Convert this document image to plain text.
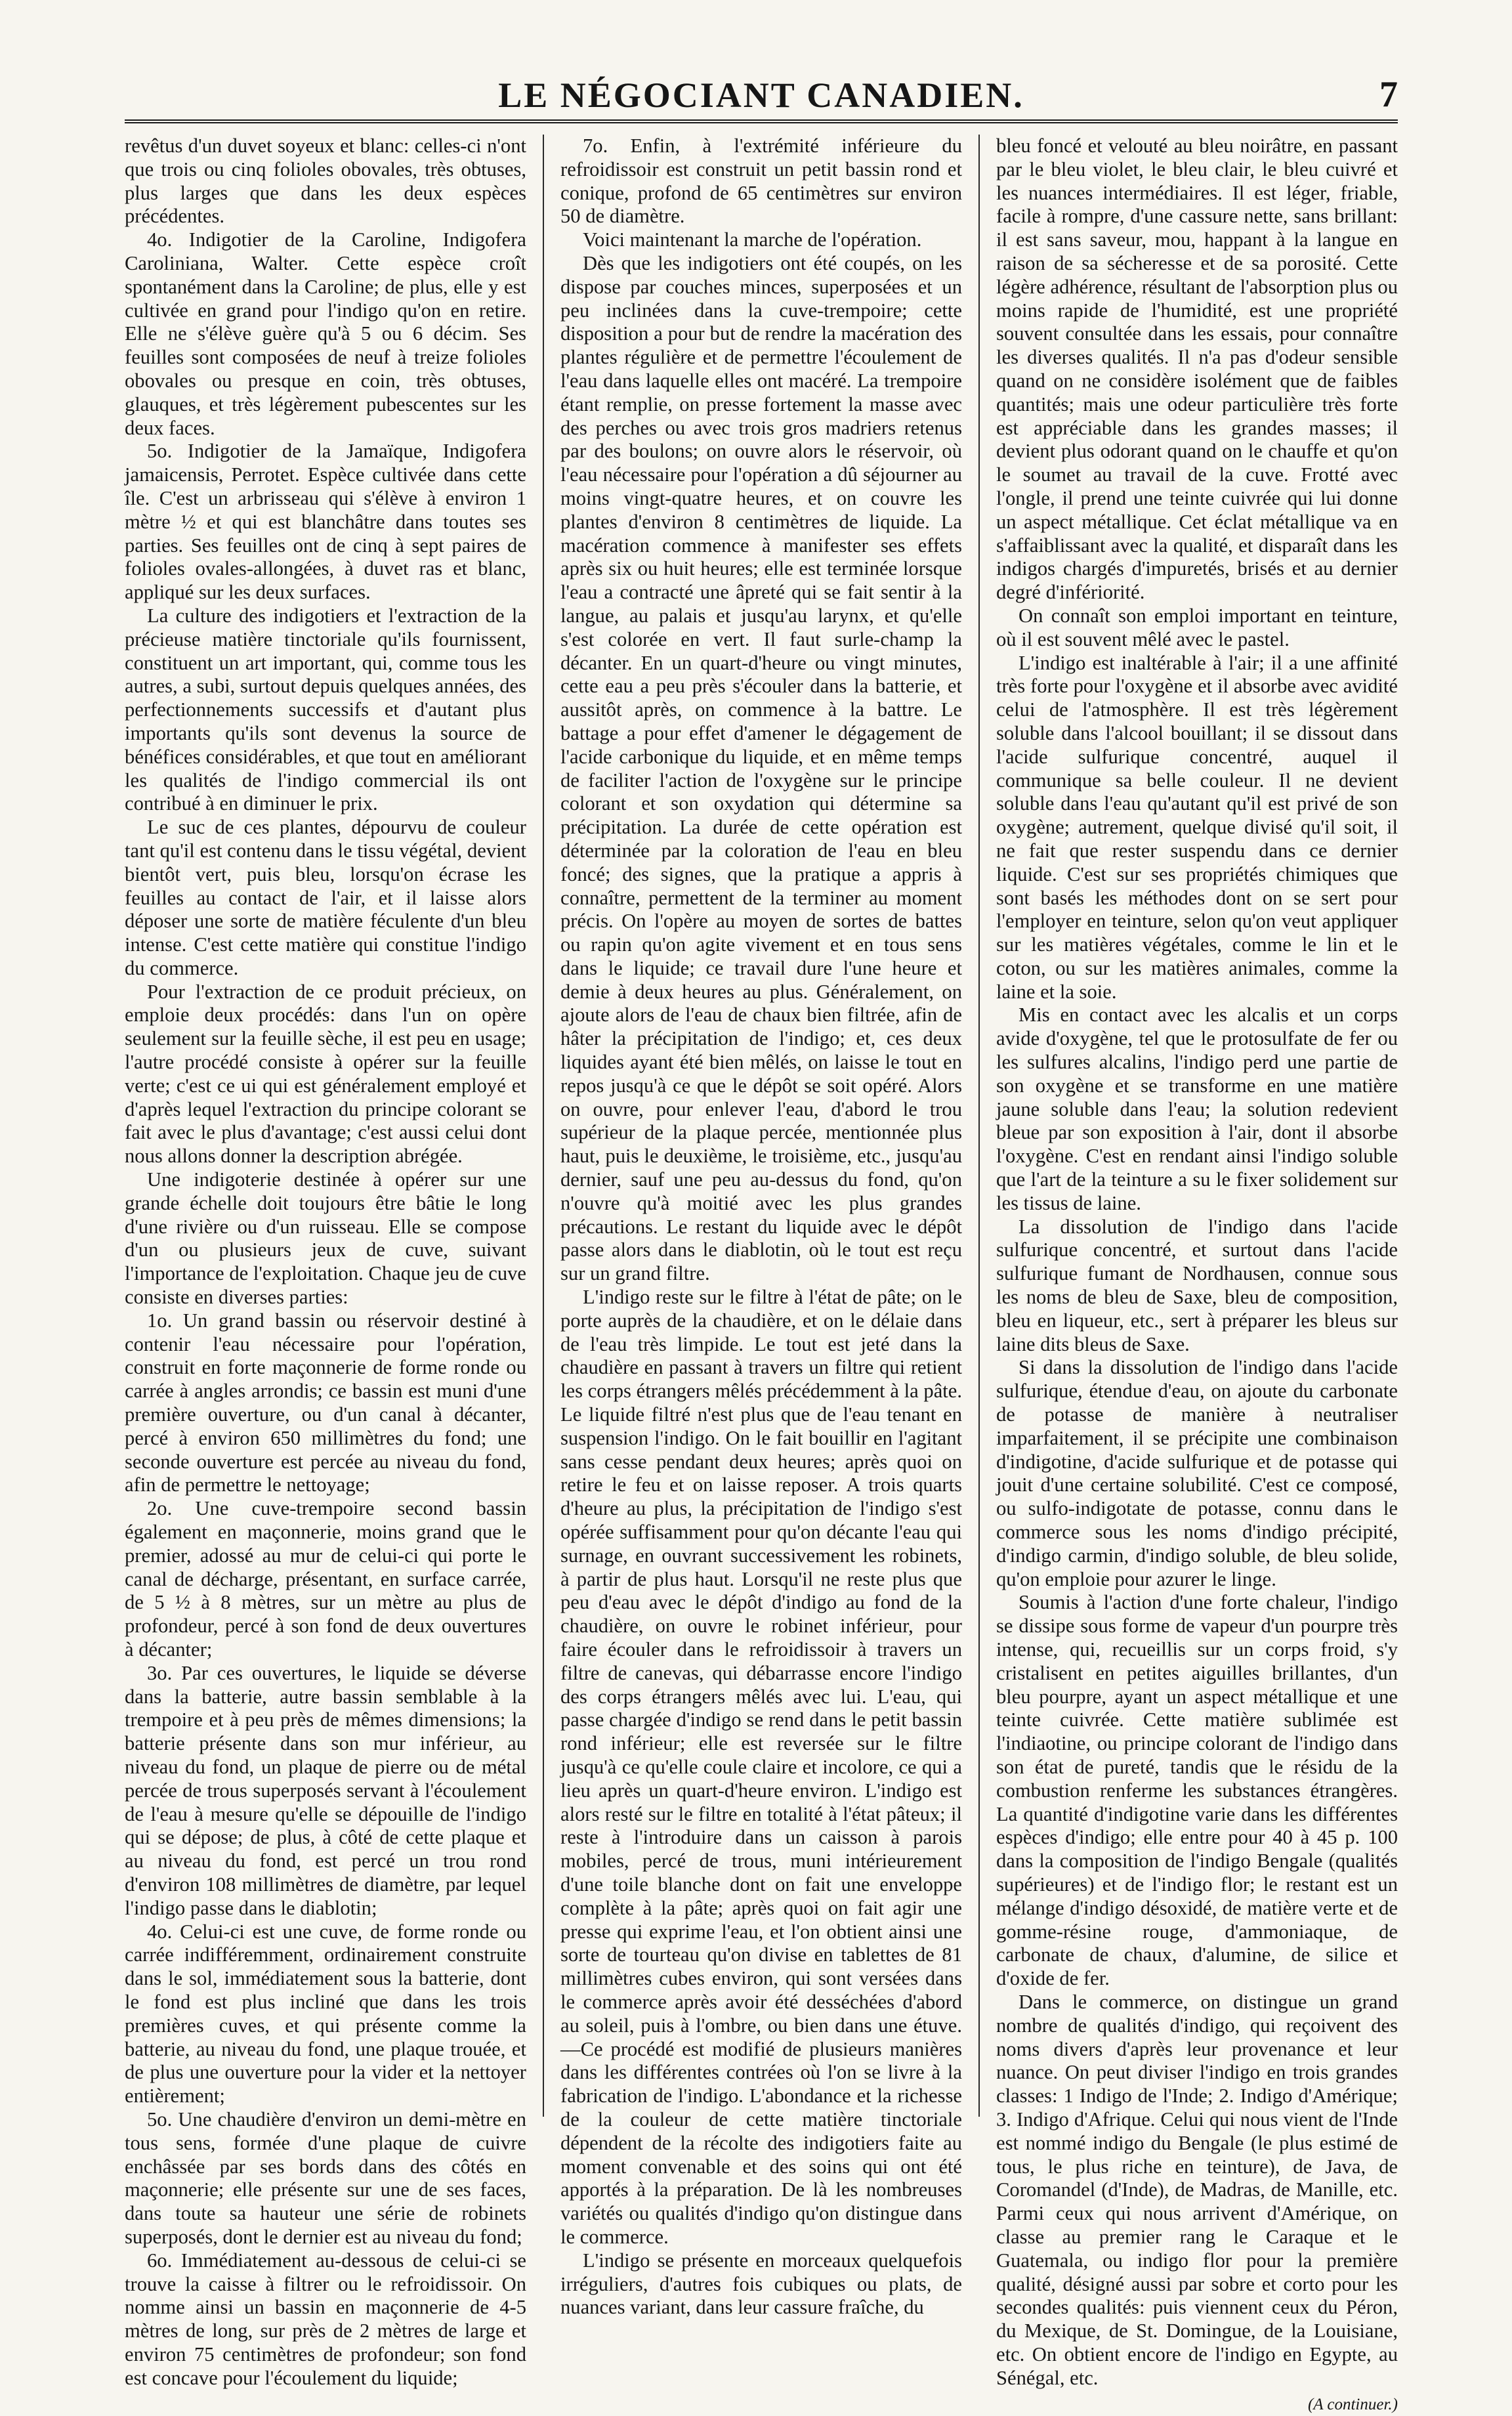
LE NÉGOCIANT CANADIEN.	7

revêtus d'un duvet soyeux et blanc: celles-ci n'ont que trois ou cinq folioles obovales, très obtuses, plus larges que dans les deux espèces précédentes.

4o. Indigotier de la Caroline, Indigofera Caroliniana, Walter. Cette espèce croît spontanément dans la Caroline; de plus, elle y est cultivée en grand pour l'indigo qu'on en retire. Elle ne s'élève guère qu'à 5 ou 6 décim. Ses feuilles sont composées de neuf à treize folioles obovales ou presque en coin, très obtuses, glauques, et très légèrement pubescentes sur les deux faces.

5o. Indigotier de la Jamaïque, Indigofera jamaicensis, Perrotet. Espèce cultivée dans cette île. C'est un arbrisseau qui s'élève à environ 1 mètre ½ et qui est blanchâtre dans toutes ses parties. Ses feuilles ont de cinq à sept paires de folioles ovales-allongées, à duvet ras et blanc, appliqué sur les deux surfaces.

La culture des indigotiers et l'extraction de la précieuse matière tinctoriale qu'ils fournissent, constituent un art important, qui, comme tous les autres, a subi, surtout depuis quelques années, des perfectionnements successifs et d'autant plus importants qu'ils sont devenus la source de bénéfices considérables, et que tout en améliorant les qualités de l'indigo commercial ils ont contribué à en diminuer le prix.

Le suc de ces plantes, dépourvu de couleur tant qu'il est contenu dans le tissu végétal, devient bientôt vert, puis bleu, lorsqu'on écrase les feuilles au contact de l'air, et il laisse alors déposer une sorte de matière féculente d'un bleu intense. C'est cette matière qui constitue l'indigo du commerce.

Pour l'extraction de ce produit précieux, on emploie deux procédés: dans l'un on opère seulement sur la feuille sèche, il est peu en usage; l'autre procédé consiste à opérer sur la feuille verte; c'est ce ui qui est généralement employé et d'après lequel l'extraction du principe colorant se fait avec le plus d'avantage; c'est aussi celui dont nous allons donner la description abrégée.

Une indigoterie destinée à opérer sur une grande échelle doit toujours être bâtie le long d'une rivière ou d'un ruisseau. Elle se compose d'un ou plusieurs jeux de cuve, suivant l'importance de l'exploitation. Chaque jeu de cuve consiste en diverses parties:

1o. Un grand bassin ou réservoir destiné à contenir l'eau nécessaire pour l'opération, construit en forte maçonnerie de forme ronde ou carrée à angles arrondis; ce bassin est muni d'une première ouverture, ou d'un canal à décanter, percé à environ 650 millimètres du fond; une seconde ouverture est percée au niveau du fond, afin de permettre le nettoyage;

2o. Une cuve-trempoire second bassin également en maçonnerie, moins grand que le premier, adossé au mur de celui-ci qui porte le canal de décharge, présentant, en surface carrée, de 5 ½ à 8 mètres, sur un mètre au plus de profondeur, percé à son fond de deux ouvertures à décanter;

3o. Par ces ouvertures, le liquide se déverse dans la batterie, autre bassin semblable à la trempoire et à peu près de mêmes dimensions; la batterie présente dans son mur inférieur, au niveau du fond, un plaque de pierre ou de métal percée de trous superposés servant à l'écoulement de l'eau à mesure qu'elle se dépouille de l'indigo qui se dépose; de plus, à côté de cette plaque et au niveau du fond, est percé un trou rond d'environ 108 millimètres de diamètre, par lequel l'indigo passe dans le diablotin;

4o. Celui-ci est une cuve, de forme ronde ou carrée indifféremment, ordinairement construite dans le sol, immédiatement sous la batterie, dont le fond est plus incliné que dans les trois premières cuves, et qui présente comme la batterie, au niveau du fond, une plaque trouée, et de plus une ouverture pour la vider et la nettoyer entièrement;

5o. Une chaudière d'environ un demi-mètre en tous sens, formée d'une plaque de cuivre enchâssée par ses bords dans des côtés en maçonnerie; elle présente sur une de ses faces, dans toute sa hauteur une série de robinets superposés, dont le dernier est au niveau du fond;

6o. Immédiatement au-dessous de celui-ci se trouve la caisse à filtrer ou le refroidissoir. On nomme ainsi un bassin en maçonnerie de 4-5 mètres de long, sur près de 2 mètres de large et environ 75 centimètres de profondeur; son fond est concave pour l'écoulement du liquide;

7o. Enfin, à l'extrémité inférieure du refroidissoir est construit un petit bassin rond et conique, profond de 65 centimètres sur environ 50 de diamètre.

Voici maintenant la marche de l'opération.

Dès que les indigotiers ont été coupés, on les dispose par couches minces, superposées et un peu inclinées dans la cuve-trempoire; cette disposition a pour but de rendre la macération des plantes régulière et de permettre l'écoulement de l'eau dans laquelle elles ont macéré. La trempoire étant remplie, on presse fortement la masse avec des perches ou avec trois gros madriers retenus par des boulons; on ouvre alors le réservoir, où l'eau nécessaire pour l'opération a dû séjourner au moins vingt-quatre heures, et on couvre les plantes d'environ 8 centimètres de liquide. La macération commence à manifester ses effets après six ou huit heures; elle est terminée lorsque l'eau a contracté une âpreté qui se fait sentir à la langue, au palais et jusqu'au larynx, et qu'elle s'est colorée en vert. Il faut surle-champ la décanter. En un quart-d'heure ou vingt minutes, cette eau a peu près s'écouler dans la batterie, et aussitôt après, on commence à la battre. Le battage a pour effet d'amener le dégagement de l'acide carbonique du liquide, et en même temps de faciliter l'action de l'oxygène sur le principe colorant et son oxydation qui détermine sa précipitation. La durée de cette opération est déterminée par la coloration de l'eau en bleu foncé; des signes, que la pratique a appris à connaître, permettent de la terminer au moment précis. On l'opère au moyen de sortes de battes ou rapin qu'on agite vivement et en tous sens dans le liquide; ce travail dure l'une heure et demie à deux heures au plus. Généralement, on ajoute alors de l'eau de chaux bien filtrée, afin de hâter la précipitation de l'indigo; et, ces deux liquides ayant été bien mêlés, on laisse le tout en repos jusqu'à ce que le dépôt se soit opéré. Alors on ouvre, pour enlever l'eau, d'abord le trou supérieur de la plaque percée, mentionnée plus haut, puis le deuxième, le troisième, etc., jusqu'au dernier, sauf une peu au-dessus du fond, qu'on n'ouvre qu'à moitié avec les plus grandes précautions. Le restant du liquide avec le dépôt passe alors dans le diablotin, où le tout est reçu sur un grand filtre.

L'indigo reste sur le filtre à l'état de pâte; on le porte auprès de la chaudière, et on le délaie dans de l'eau très limpide. Le tout est jeté dans la chaudière en passant à travers un filtre qui retient les corps étrangers mêlés précédemment à la pâte. Le liquide filtré n'est plus que de l'eau tenant en suspension l'indigo. On le fait bouillir en l'agitant sans cesse pendant deux heures; après quoi on retire le feu et on laisse reposer. A trois quarts d'heure au plus, la précipitation de l'indigo s'est opérée suffisamment pour qu'on décante l'eau qui surnage, en ouvrant successivement les robinets, à partir de plus haut. Lorsqu'il ne reste plus que peu d'eau avec le dépôt d'indigo au fond de la chaudière, on ouvre le robinet inférieur, pour faire écouler dans le refroidissoir à travers un filtre de canevas, qui débarrasse encore l'indigo des corps étrangers mêlés avec lui. L'eau, qui passe chargée d'indigo se rend dans le petit bassin rond inférieur; elle est reversée sur le filtre jusqu'à ce qu'elle coule claire et incolore, ce qui a lieu après un quart-d'heure environ. L'indigo est alors resté sur le filtre en totalité à l'état pâteux; il reste à l'introduire dans un caisson à parois mobiles, percé de trous, muni intérieurement d'une toile blanche dont on fait une enveloppe complète à la pâte; après quoi on fait agir une presse qui exprime l'eau, et l'on obtient ainsi une sorte de tourteau qu'on divise en tablettes de 81 millimètres cubes environ, qui sont versées dans le commerce après avoir été desséchées d'abord au soleil, puis à l'ombre, ou bien dans une étuve.—Ce procédé est modifié de plusieurs manières dans les différentes contrées où l'on se livre à la fabrication de l'indigo. L'abondance et la richesse de la couleur de cette matière tinctoriale dépendent de la récolte des indigotiers faite au moment convenable et des soins qui ont été apportés à la préparation. De là les nombreuses variétés ou qualités d'indigo qu'on distingue dans le commerce.

L'indigo se présente en morceaux quelquefois irréguliers, d'autres fois cubiques ou plats, de nuances variant, dans leur cassure fraîche, du

bleu foncé et velouté au bleu noirâtre, en passant par le bleu violet, le bleu clair, le bleu cuivré et les nuances intermédiaires. Il est léger, friable, facile à rompre, d'une cassure nette, sans brillant: il est sans saveur, mou, happant à la langue en raison de sa sécheresse et de sa porosité. Cette légère adhérence, résultant de l'absorption plus ou moins rapide de l'humidité, est une propriété souvent consultée dans les essais, pour connaître les diverses qualités. Il n'a pas d'odeur sensible quand on ne considère isolément que de faibles quantités; mais une odeur particulière très forte est appréciable dans les grandes masses; il devient plus odorant quand on le chauffe et qu'on le soumet au travail de la cuve. Frotté avec l'ongle, il prend une teinte cuivrée qui lui donne un aspect métallique. Cet éclat métallique va en s'affaiblissant avec la qualité, et disparaît dans les indigos chargés d'impuretés, brisés et au dernier degré d'infériorité.

On connaît son emploi important en teinture, où il est souvent mêlé avec le pastel.

L'indigo est inaltérable à l'air; il a une affinité très forte pour l'oxygène et il absorbe avec avidité celui de l'atmosphère. Il est très légèrement soluble dans l'alcool bouillant; il se dissout dans l'acide sulfurique concentré, auquel il communique sa belle couleur. Il ne devient soluble dans l'eau qu'autant qu'il est privé de son oxygène; autrement, quelque divisé qu'il soit, il ne fait que rester suspendu dans ce dernier liquide. C'est sur ses propriétés chimiques que sont basés les méthodes dont on se sert pour l'employer en teinture, selon qu'on veut appliquer sur les matières végétales, comme le lin et le coton, ou sur les matières animales, comme la laine et la soie.

Mis en contact avec les alcalis et un corps avide d'oxygène, tel que le protosulfate de fer ou les sulfures alcalins, l'indigo perd une partie de son oxygène et se transforme en une matière jaune soluble dans l'eau; la solution redevient bleue par son exposition à l'air, dont il absorbe l'oxygène. C'est en rendant ainsi l'indigo soluble que l'art de la teinture a su le fixer solidement sur les tissus de laine.

La dissolution de l'indigo dans l'acide sulfurique concentré, et surtout dans l'acide sulfurique fumant de Nordhausen, connue sous les noms de bleu de Saxe, bleu de composition, bleu en liqueur, etc., sert à préparer les bleus sur laine dits bleus de Saxe.

Si dans la dissolution de l'indigo dans l'acide sulfurique, étendue d'eau, on ajoute du carbonate de potasse de manière à neutraliser imparfaitement, il se précipite une combinaison d'indigotine, d'acide sulfurique et de potasse qui jouit d'une certaine solubilité. C'est ce composé, ou sulfo-indigotate de potasse, connu dans le commerce sous les noms d'indigo précipité, d'indigo carmin, d'indigo soluble, de bleu solide, qu'on emploie pour azurer le linge.

Soumis à l'action d'une forte chaleur, l'indigo se dissipe sous forme de vapeur d'un pourpre très intense, qui, recueillis sur un corps froid, s'y cristalisent en petites aiguilles brillantes, d'un bleu pourpre, ayant un aspect métallique et une teinte cuivrée. Cette matière sublimée est l'indiaotine, ou principe colorant de l'indigo dans son état de pureté, tandis que le résidu de la combustion renferme les substances étrangères. La quantité d'indigotine varie dans les différentes espèces d'indigo; elle entre pour 40 à 45 p. 100 dans la composition de l'indigo Bengale (qualités supérieures) et de l'indigo flor; le restant est un mélange d'indigo désoxidé, de matière verte et de gomme-résine rouge, d'ammoniaque, de carbonate de chaux, d'alumine, de silice et d'oxide de fer.

Dans le commerce, on distingue un grand nombre de qualités d'indigo, qui reçoivent des noms divers d'après leur provenance et leur nuance. On peut diviser l'indigo en trois grandes classes: 1 Indigo de l'Inde; 2. Indigo d'Amérique; 3. Indigo d'Afrique. Celui qui nous vient de l'Inde est nommé indigo du Bengale (le plus estimé de tous, le plus riche en teinture), de Java, de Coromandel (d'Inde), de Madras, de Manille, etc. Parmi ceux qui nous arrivent d'Amérique, on classe au premier rang le Caraque et le Guatemala, ou indigo flor pour la première qualité, désigné aussi par sobre et corto pour les secondes qualités: puis viennent ceux du Péron, du Mexique, de St. Domingue, de la Louisiane, etc. On obtient encore de l'indigo en Egypte, au Sénégal, etc.

(A continuer.)
